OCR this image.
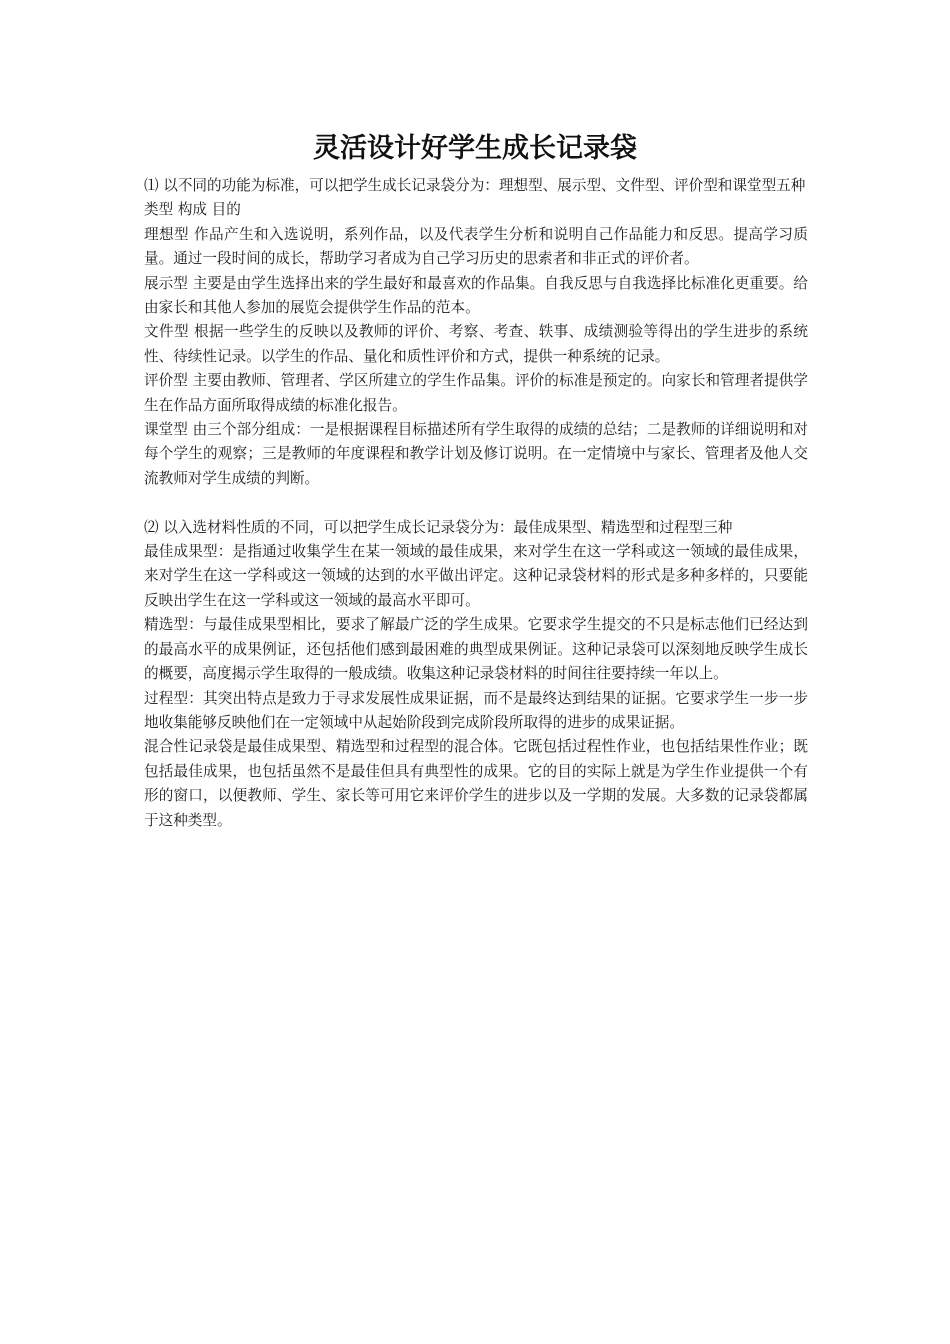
灵活设计好学生成长记录袋

⑴ 以不同的功能为标准，可以把学生成长记录袋分为：理想型、展示型、文件型、评价型和课堂型五种

类型 构成 目的

理想型 作品产生和入选说明，系列作品，以及代表学生分析和说明自己作品能力和反思。提高学习质量。通过一段时间的成长，帮助学习者成为自己学习历史的思索者和非正式的评价者。

展示型 主要是由学生选择出来的学生最好和最喜欢的作品集。自我反思与自我选择比标准化更重要。给由家长和其他人参加的展览会提供学生作品的范本。

文件型 根据一些学生的反映以及教师的评价、考察、考查、轶事、成绩测验等得出的学生进步的系统性、待续性记录。以学生的作品、量化和质性评价和方式，提供一种系统的记录。

评价型 主要由教师、管理者、学区所建立的学生作品集。评价的标准是预定的。向家长和管理者提供学生在作品方面所取得成绩的标准化报告。

课堂型 由三个部分组成：一是根据课程目标描述所有学生取得的成绩的总结；二是教师的详细说明和对每个学生的观察；三是教师的年度课程和教学计划及修订说明。在一定情境中与家长、管理者及他人交流教师对学生成绩的判断。

⑵ 以入选材料性质的不同，可以把学生成长记录袋分为：最佳成果型、精选型和过程型三种

最佳成果型：是指通过收集学生在某一领域的最佳成果，来对学生在这一学科或这一领域的最佳成果，来对学生在这一学科或这一领域的达到的水平做出评定。这种记录袋材料的形式是多种多样的，只要能反映出学生在这一学科或这一领域的最高水平即可。

精选型：与最佳成果型相比，要求了解最广泛的学生成果。它要求学生提交的不只是标志他们已经达到的最高水平的成果例证，还包括他们感到最困难的典型成果例证。这种记录袋可以深刻地反映学生成长的概要，高度揭示学生取得的一般成绩。收集这种记录袋材料的时间往往要持续一年以上。

过程型：其突出特点是致力于寻求发展性成果证据，而不是最终达到结果的证据。它要求学生一步一步地收集能够反映他们在一定领域中从起始阶段到完成阶段所取得的进步的成果证据。

混合性记录袋是最佳成果型、精选型和过程型的混合体。它既包括过程性作业，也包括结果性作业；既包括最佳成果，也包括虽然不是最佳但具有典型性的成果。它的目的实际上就是为学生作业提供一个有形的窗口，以便教师、学生、家长等可用它来评价学生的进步以及一学期的发展。大多数的记录袋都属于这种类型。
